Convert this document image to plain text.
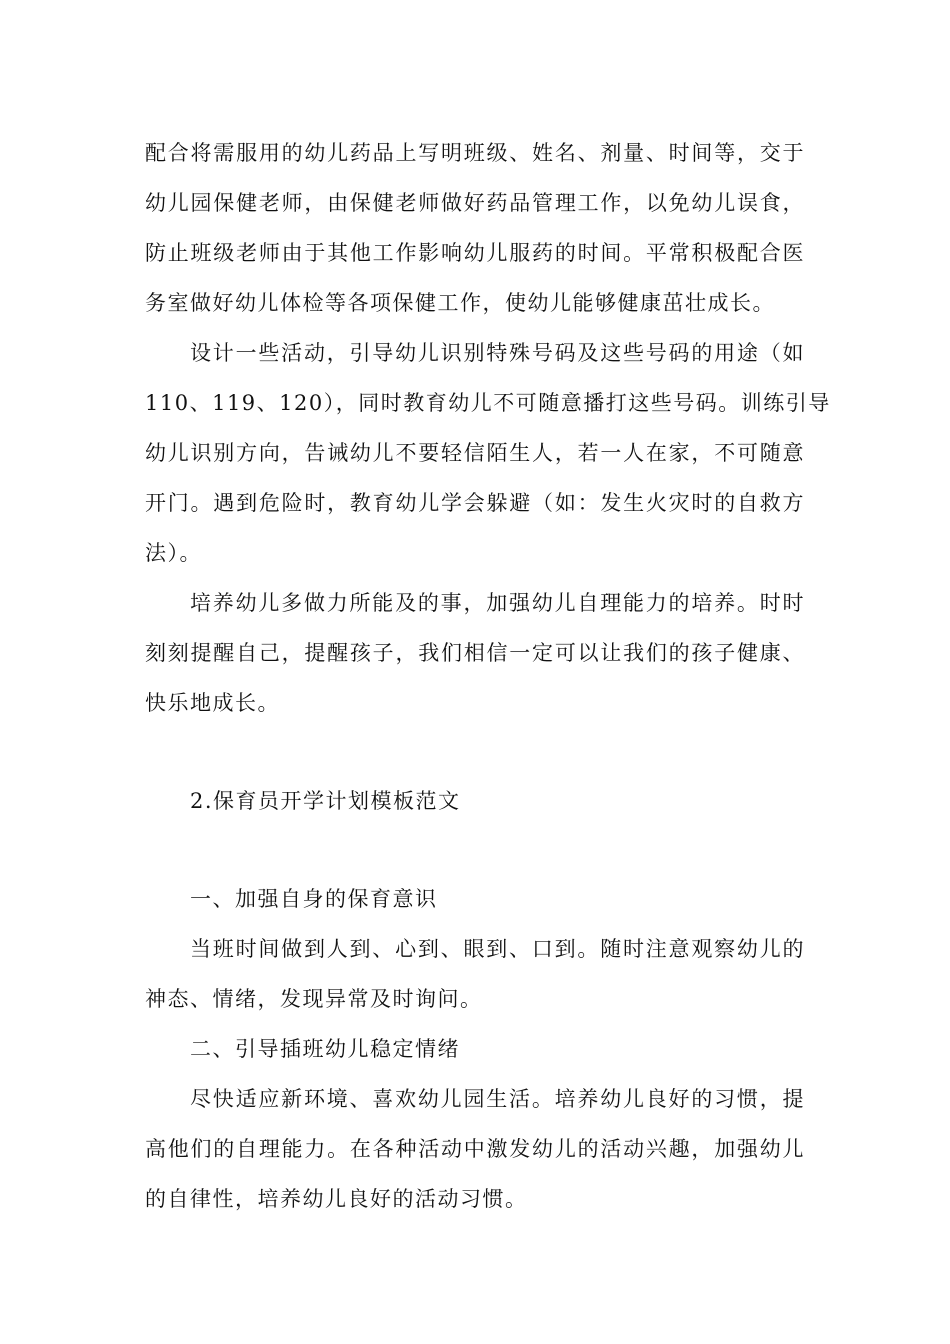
配合将需服用的幼儿药品上写明班级、姓名、剂量、时间等，交于
幼儿园保健老师，由保健老师做好药品管理工作，以免幼儿误食，
防止班级老师由于其他工作影响幼儿服药的时间。平常积极配合医
务室做好幼儿体检等各项保健工作，使幼儿能够健康茁壮成长。
设计一些活动，引导幼儿识别特殊号码及这些号码的用途（如
110、119、120），同时教育幼儿不可随意播打这些号码。训练引导
幼儿识别方向，告诫幼儿不要轻信陌生人，若一人在家，不可随意
开门。遇到危险时，教育幼儿学会躲避（如：发生火灾时的自救方
法）。
培养幼儿多做力所能及的事，加强幼儿自理能力的培养。时时
刻刻提醒自己，提醒孩子，我们相信一定可以让我们的孩子健康、
快乐地成长。
2.保育员开学计划模板范文
一、加强自身的保育意识
当班时间做到人到、心到、眼到、口到。随时注意观察幼儿的
神态、情绪，发现异常及时询问。
二、引导插班幼儿稳定情绪
尽快适应新环境、喜欢幼儿园生活。培养幼儿良好的习惯，提
高他们的自理能力。在各种活动中激发幼儿的活动兴趣，加强幼儿
的自律性，培养幼儿良好的活动习惯。
